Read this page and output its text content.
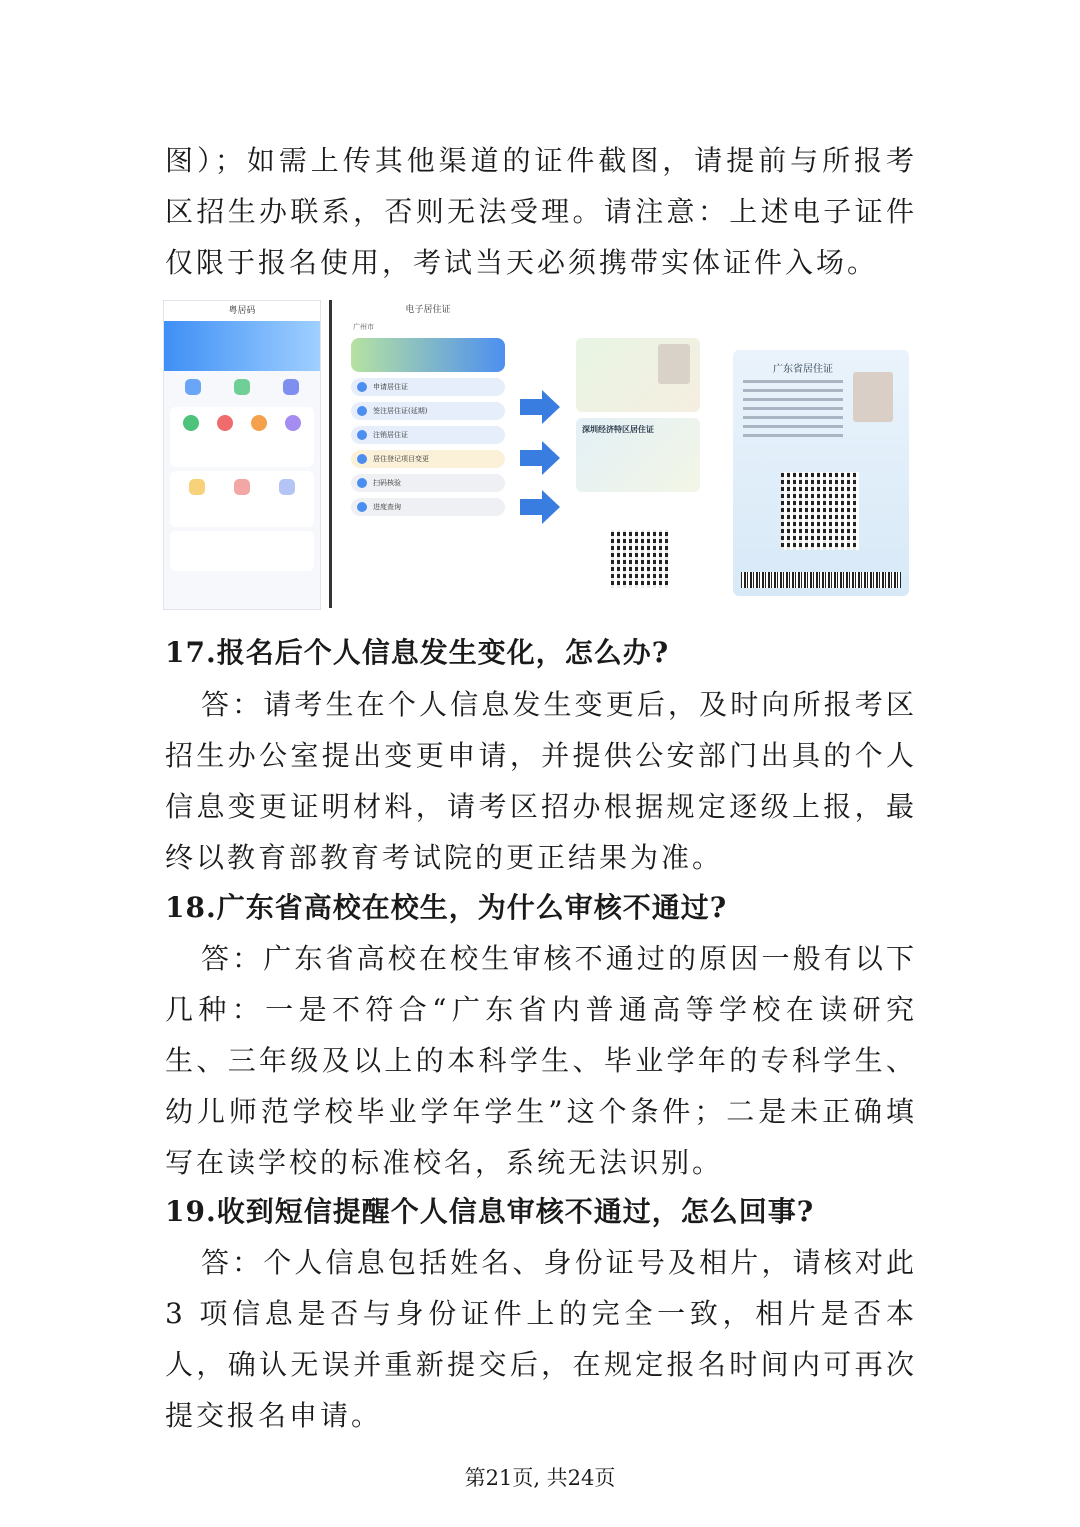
图）；如需上传其他渠道的证件截图，请提前与所报考区招生办联系，否则无法受理。请注意：上述电子证件仅限于报名使用，考试当天必须携带实体证件入场。

粤居码	电子居住证
广州市
申请居住证
签注居住证(延期)
注销居住证
居住登记项目变更
扫码核验
进度查询
深圳经济特区居住证
广东省居住证
17.报名后个人信息发生变化，怎么办?

答：请考生在个人信息发生变更后，及时向所报考区招生办公室提出变更申请，并提供公安部门出具的个人信息变更证明材料，请考区招办根据规定逐级上报，最终以教育部教育考试院的更正结果为准。

18.广东省高校在校生，为什么审核不通过?

答：广东省高校在校生审核不通过的原因一般有以下几种：一是不符合“广东省内普通高等学校在读研究生、三年级及以上的本科学生、毕业学年的专科学生、幼儿师范学校毕业学年学生”这个条件；二是未正确填写在读学校的标准校名，系统无法识别。

19.收到短信提醒个人信息审核不通过，怎么回事?

答：个人信息包括姓名、身份证号及相片，请核对此 3 项信息是否与身份证件上的完全一致，相片是否本人，确认无误并重新提交后，在规定报名时间内可再次提交报名申请。

第21页, 共24页
